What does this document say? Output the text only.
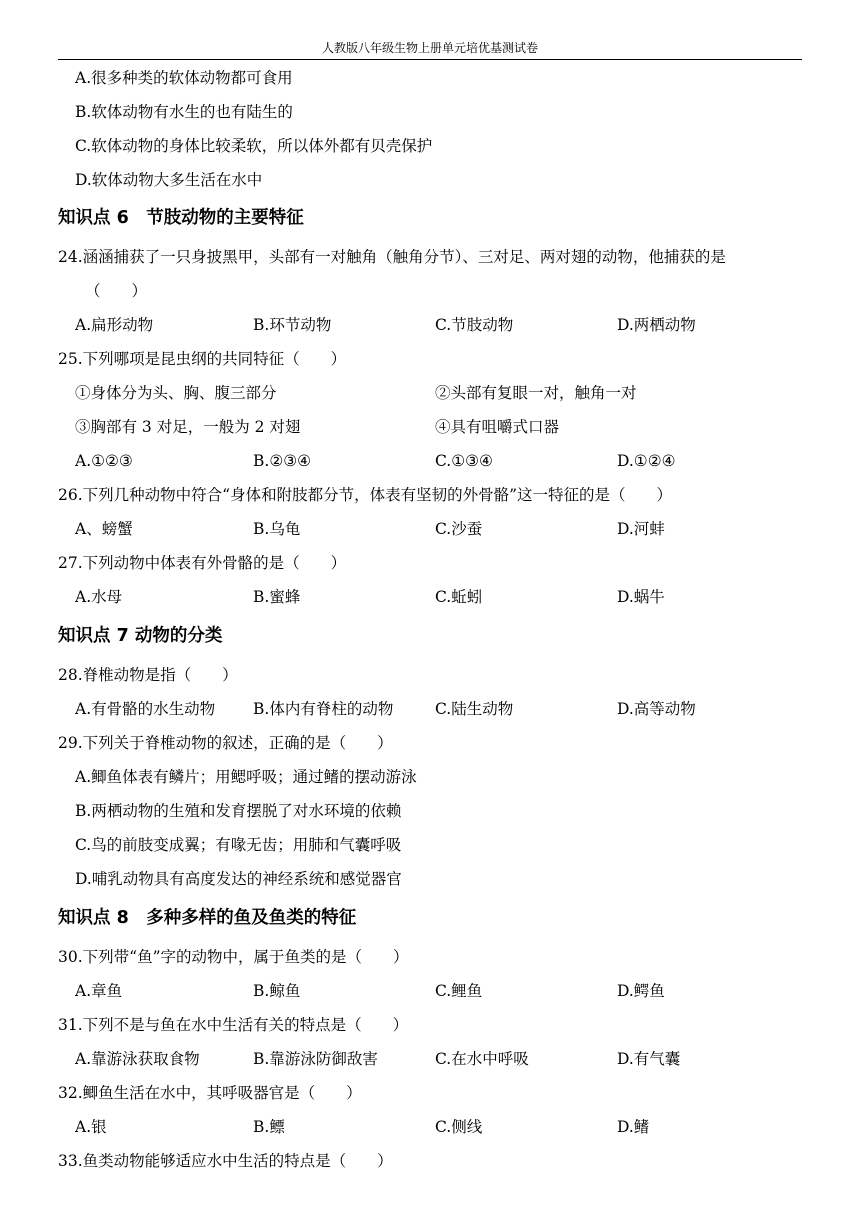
人教版八年级生物上册单元培优基测试卷
A.很多种类的软体动物都可食用
B.软体动物有水生的也有陆生的
C.软体动物的身体比较柔软，所以体外都有贝壳保护
D.软体动物大多生活在水中
知识点 6　节肢动物的主要特征
24.涵涵捕获了一只身披黑甲，头部有一对触角（触角分节）、三对足、两对翅的动物，他捕获的是
（　　）
A.扁形动物	B.环节动物	C.节肢动物	D.两栖动物
25.下列哪项是昆虫纲的共同特征（　　）
①身体分为头、胸、腹三部分	②头部有复眼一对，触角一对
③胸部有 3 对足，一般为 2 对翅	④具有咀嚼式口器
A.①②③	B.②③④	C.①③④	D.①②④
26.下列几种动物中符合“身体和附肢都分节，体表有坚韧的外骨骼”这一特征的是（　　）
A、螃蟹	B.乌龟	C.沙蚕	D.河蚌
27.下列动物中体表有外骨骼的是（　　）
A.水母	B.蜜蜂	C.蚯蚓	D.蜗牛
知识点 7 动物的分类
28.脊椎动物是指（　　）
A.有骨骼的水生动物 B.体内有脊柱的动物	C.陆生动物	D.高等动物
29.下列关于脊椎动物的叙述，正确的是（　　）
A.鲫鱼体表有鳞片；用鳃呼吸；通过鳍的摆动游泳
B.两栖动物的生殖和发育摆脱了对水环境的依赖
C.鸟的前肢变成翼；有喙无齿；用肺和气囊呼吸
D.哺乳动物具有高度发达的神经系统和感觉器官
知识点 8　多种多样的鱼及鱼类的特征
30.下列带“鱼”字的动物中，属于鱼类的是（　　）
A.章鱼	B.鲸鱼	C.鲤鱼	D.鳄鱼
31.下列不是与鱼在水中生活有关的特点是（　　）
A.靠游泳获取食物	B.靠游泳防御敌害	C.在水中呼吸	D.有气囊
32.鲫鱼生活在水中，其呼吸器官是（　　）
A.银	B.鳔	C.侧线	D.鳍
33.鱼类动物能够适应水中生活的特点是（　　）
